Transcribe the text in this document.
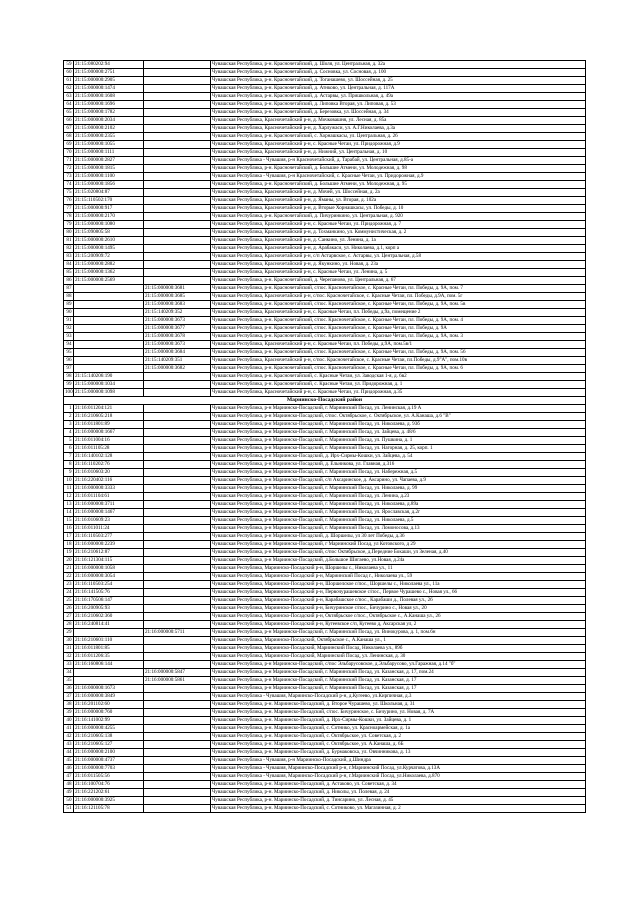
59	21:15:080202:94		Чувашская Республика, р-н. Красночетайский, д. Шоля, ул. Центральная, д. 32а
60	21:15:000000:2751		Чувашская Республика, р-н. Красночетайский, д. Сосновка, ул. Сосновая, д. 100
61	21:15:000000:2905		Чувашская Республика, р-н. Красночетайский, д. Тоганашево, ул. Шоссейная, д. 25
62	21:15:000000:1474		Чувашская Республика, р-н. Красночетайский, д. Атнково, ул. Центральная, д. 117А
63	21:15:000000:1608		Чувашская Республика, р-н. Красночетайский, д. Астарвы, ул. Пришкольная, д. 49а
64	21:15:000000:1696		Чувашская Республика, р-н. Красночетайский, д. Липовка Вторая, ул. Липовая, д. 53
65	21:15:000000:1782		Чувашская Республика, р-н. Красночетайский, д. Березовка, ул. Шоссейная, д. 34
66	21:15:000000:2034		Чувашская Республика, Красночетайский р-н, д. Мочковашня, ул. Лесная, д. 85а
67	21:15:000000:2102		Чувашская Республика, Красночетайский р-н, д. Харлужаси, ул. А.Г.Николаева, д.3а
68	21:15:000000:2355		Чувашская Республика, р-н. Красночетайский, с. Хорнашкасы, ул. Центральная, д. 26
69	21:15:000000:1055		Чувашская Республика, Красночетайский р-н, с. Красные Четаи, ул. Придорожная, д.9
70	21:15:000000:1111		Чувашская Республика, Красночетайский р-н, д. Нижний, ул. Центральная, д. 10
71	21:15:000000:2827		Чувашская Республика - Чувашия, р-н Красночетайский, д. Тарабай, ул. Центральная, д.85-а
72	21:15:000000:1815		Чувашская Республика, р-н. Красночетайский, д. Большие Атмени, ул. Молодежная, д. 98
73	21:15:000000:1100		Чувашская Республика - Чувашия, р-н Красночетайский, с. Красные Четаи, ул. Придорожная, д.9
74	21:15:000000:1856		Чувашская Республика, р-н. Красночетайский, д. Большие Атмени, ул. Молодежная, д. 95
75	21:15:020804:87		Чувашская Республика, Красночетайский р-н, д. Мочей, ул. Шоссейная, д. 2а
76	21:15:110502:170		Чувашская Республика, Красночетайский р-н, д. Яманы, ул. Вторая, д. 102а
77	21:15:000000:917		Чувашская Республика, Красночетайский р-н, д. Вторые Хорнашкасы, ул. Победы, д. 10
78	21:15:000000:2170		Чувашская Республика, р-н. Красночетайский, д. Пичуринкино, ул. Центральная, д. 920
79	21:15:000000:1080		Чувашская Республика, Красночетайский р-н, с. Красные Четаи, ул. Придорожная, д. 7
80	21:15:090805:58		Чувашская Республика, Красночетайский р-н, д. Тохманкино, ул. Коммунистическая, д. 2
81	21:15:000000:2610		Чувашская Республика, Красночетайский р-н, д. Санкино, ул. Ленина, д. 1а
82	21:15:000000:1495		Чувашская Республика, Красночетайский р-н, д. Арабакаси, ул. Николаева, д.1, корп а
83	21:15:200909:72		Чувашская Республика, Красночетайский р-н, с/п Астарвское, с. Астарвы, ул. Центральная, д.58
84	21:15:000000:2882		Чувашская Республика, Красночетайский р-н, д. Якункино, ул. Новая, д. 23а
85	21:15:000000:1362		Чувашская Республика, Красночетайский р-н, с. Красные Четаи, ул. Ленина, д. 5
86	21:15:000000:2569		Чувашская Республика, р-н. Красночетайский, д. Черепаново, ул. Центральная, д. 67
87		21:15:000000:3681	Чувашская Республика, р-н. Красночетайский, с/пос. Красночетайское, с. Красные Четаи, пл. Победы, д. 9А, пом. 7
88		21:15:000000:3685	Чувашская Республика, Красночетайский р-н, с/пос. Красночетайское, с. Красные Четаи, пл. Победы, д.9А, пом. 5г
89		21:15:000000:3683	Чувашская Республика, р-н. Красночетайский, с/пос. Красночетайское, с. Красные Четаи, пл. Победы, д. 9А, пом. 5в
90		21:15:140209:352	Чувашская Республика, Красночетайский р-н, с. Красные Четаи, пл. Победы, д.9а, помещение 2
91		21:15:000000:3673	Чувашская Республика, р-н. Красночетайский, с/пос. Красночетайское, с. Красные Четаи, пл. Победы, д. 9А, пом. 4
92		21:15:000000:3677	Чувашская Республика, р-н. Красночетайский, с/пос. Красночетайское, с. Красные Четаи, пл. Победы, д. 9А
93		21:15:000000:3678	Чувашская Республика, р-н. Красночетайский, с/пос. Красночетайское, с. Красные Четаи, пл. Победы, д. 9А, пом. 3
94		21:15:000000:3673	Чувашская Республика, Красночетайский р-н, с. Красные Четаи, пл. Победы, д.9А, пом.5в/1
95		21:15:000000:3684	Чувашская Республика, р-н. Красночетайский, с/пос. Красночетайское, с. Красные Четаи, пл. Победы, д. 9А, пом. 56
96		21:15:140209:351	Чувашская Республика, Красночетайский р-н, с/пос. Красночетайское, с. Красные Четаи, пл.Победы, д.9"А", пом.10в
97		21:15:000000:3682	Чувашская Республика, р-н. Красночетайский, с/пос. Красночетайское, с. Красные Четаи, пл. Победы, д. 9А, пом. 6
98	21:15:140206:190		Чувашская Республика, р-н. Красночетайский, с. Красные Четаи, ул. Заводская 1-я, д. 6в2
99	21:15:000000:1034		Чувашская Республика, р-н. Красночетайский, с. Красные Четаи, ул. Придорожная, д. 1
100	21:15:000000:1098		Чувашская Республика, Красночетайский р-н, с. Красные Четаи, ул. Придорожная, д.35
Мариинско-Посадский район			
1	21:16:011204:121		Чувашская Республика, р-н Мариинско-Посадский, г. Мариинский Посад, ул. Ленинская, д.19 А
2	21:16:210605:218		Чувашская Республика, р-н Мариинско-Посадский, с/пос. Октябрьское, с. Октябрьское, ул. А.Канаша, д.6 "В"
3	21:16:011801:89		Чувашская Республика, р-н Мариинско-Посадский, г. Мариинский Посад, ул. Николаева, д. 93б
4	21:16:000000:1667		Чувашская Республика, р-н Мариинско-Посадский, г. Мариинский Посад, ул. Зайцева, д. 48/6
5	21:16:011004:16		Чувашская Республика, р-н Мариинско-Посадский, г. Мариинский Посад, ул. Пушкина, д. 1
6	21:16:011105:28		Чувашская Республика, р-н Мариинско-Посадский, г. Мариинский Посад, ул. Нагорная, д. 25, корп. 1
7	21:16:140102:128		Чувашская Республика, р-н Мариинско-Посадский, д. Ирх-Сирмы-Кошки, ул. Зайцева, д. 54
8	21:16:110202:76		Чувашская Республика, р-н Мариинско-Посадский, д. Ельникова, ул. Главная, д.316
9	21:16:010603:20		Чувашская Республика, р-н Мариинско-Посадский, г. Мариинский Посад, ул. Набережная, д.5
10	21:16:220402:116		Чувашская Республика, р-н Мариинско-Посадский, с/п Аксаринское, д. Аксарино, ул. Чапаева, д.9
11	21:16:000000:3333		Чувашская Республика, р-н Мариинско-Посадский, г. Мариинский Посад, ул. Николаева, д. 99
12	21:16:011104:61		Чувашская Республика, р-н Мариинско-Посадский, г. Мариинский Посад, ул. Ленина, д.23
13	21:16:000000:3711		Чувашская Республика, р-н Мариинско-Посадский, г. Мариинский Посад, ул. Николаева, д.89а
14	21:16:000000:1467		Чувашская Республика, р-н Мариинско-Посадский, г. Мариинский Посад, ул. Ярославская, д.2г
15	21:16:010609:23		Чувашская Республика, р-н Мариинско-Посадский, г. Мариинский Посад, ул. Николаева, д.5
16	21:16:011011:24		Чувашская Республика, р-н Мариинско-Посадский, г. Мариинский Посад, ул. Ломоносова, д.13
17	21:16:110503:277		Чувашская Республика, р-н Мариинско-Посадский, д. Шоршелы, ул 30 лет Победы, д.36
18	21:16:000000:2239		Чувашская Республика, р-н Мариинско-Посадский, г Мариинский Посад, ул Котовского, д 29
19	21:16:210612:87		Чувашская Республика, р-н Мариинско-Посадский, с/пос Октябрьское, д.Передние Бокаши, ул Зеленая, д.40
20	21:16:121304:115		Чувашская Республика, р-н Мариинско-Посадский, д.Большое Шигаево, ул.Новая, д.24а
21	21:16:000000:1058		Чувашская Республика, Мариинско-Посадский р-н, Шоршелы с., Николаева ул., 11
22	21:16:000000:3054		Чувашская Республика, Мариинско-Посадский р-н, Мариинский Посад г., Николаева ул., 59
23	21:16:110503:254		Чувашская Республика, Мариинско-Посадский р-н, Шоршелское с/пос., Шоршелы с., Николаева ул., 11а
24	21:16:141505:76		Чувашская Республика, Мариинско-Посадский р-н, Первочурашевское с/пос., Первое Чурашево с., Новая ул., 66
25	21:16:170506:147		Чувашская Республика, Мариинско-Посадский р-н, Карабашское с/пос., Карабаши д., Полевая ул., 26
26	21:16:200905:93		Чувашская Республика, Мариинско-Посадский р-н, Бичуринское с/пос., Бичурино с., Новая ул., 20
27	21:16:210602:360		Чувашская Республика, Мариинско-Посадский р-н, Октябрьское с/пос., Октябрьское с., А.Канаша ул., 26
28	21:16:240814:41		Чувашская Республика, Мариинско-Посадский р-н, Кугеевское с/п, Кугеево д, Аксарская ул, 2
29		21:16:000000:5711	Чувашская Республика, р-н Мариинско-Посадский, г. Мариинский Посад, ул. Винокурова, д. 1, пом.6н
30	21:16:210601:110		Чувашская Республика, Мариинско-Посадский, Октябрьское с., А.Канаша ул., 1
31	21:16:011801:85		Чувашская Республика, Мариинско-Посадский, Мариинский Посад, Николаева ул., 89б
32	21:16:011206:35		Чувашская Республика, Мариинско-Посадский, Мариинский Посад, ул. Ленинская, д. 30
33	21:16:160806:144		Чувашская Республика, р-н Мариинско-Посадский, с/пос Эльбарусовское, д.Эльбарусово, ул.Гаражная, д.14 "б"
34		21:16:000000:5847	Чувашская Республика, р-н Мариинско-Посадский, г. Мариинский Посад, ул. Казанская, д. 17, пом.24
35		21:16:000000:5861	Чувашская Республика, р-н Мариинско-Посадский, г. Мариинский Посад, ул. Казанская, д. 17
36	21:16:000000:1673		Чувашская Республика, р-н Мариинско-Посадский, г. Мариинский Посад, ул. Казанская, д. 17
37	21:16:000000:3849		Чувашская Республика - Чувашия, Мариинско-Посадский р-н, д.Кугеево, ул.Кирпичная, д.3
38	21:16:201102:60		Чувашская Республика, р-н. Мариинско-Посадский, д. Второе Чурашево, ул. Школьная, д. 31
39	21:16:000000:760		Чувашская Республика, р-н. Мариинско-Посадский, с/пос. Бичуринское, с. Бичурино, ул. Новая, д. 7А
40	21:16:141002:99		Чувашская Республика, р-н. Мариинско-Посадский, д. Ирх-Сирмы-Кошки, ул. Зайцева, д. 1
41	21:16:000000:4255		Чувашская Республика, р-н. Мариинско-Посадский, с. Сотнико, ул. Красноармейская, д. 1а
42	21:16:210605:138		Чувашская Республика, р-н. Мариинско-Посадский, с. Октябрьское, ул. Советская, д. 2
43	21:16:210605:127		Чувашская Республика, р-н. Мариинско-Посадский, с. Октябрьское, ул. А.Канаша, д. 6Б
44	21:16:000000:2100		Чувашская Республика, р-н. Мариинско-Посадский, д. Бурмаковска, ул. Овчинникова, д. 13
45	21:16:000000:4737		Чувашская Республика - Чувашия, р-н Мариинско-Посадский, д.Шиндра
46	21:16:000000:7703		Чувашская Республика - Чувашия, Мариинско-Посадский р-н, г.Мариинский Посад, ул.Курчатова, д.13А
47	21:16:011505:56		Чувашская Республика - Чувашия, Мариинско-Посадский р-н, г.Мариинский Посад, ул.Николаева, д.870
48	21:16:100704:76		Чувашская Республика, р-н. Мариинско-Посадский, д. Астаково, ул. Советская, д. 34
49	21:16:221202:61		Чувашская Республика, р-н. Мариинско-Посадский, д. Николы, ул. Полевая, д. 24
50	21:16:000000:3925		Чувашская Республика, р-н. Мариинско-Посадский, д. Тинсарино, ул. Лесная, д. 45
51	21:16:121105:78		Чувашская Республика, р-н. Мариинско-Посадский, с. Сотниково, ул. Магазинная, д. 2
